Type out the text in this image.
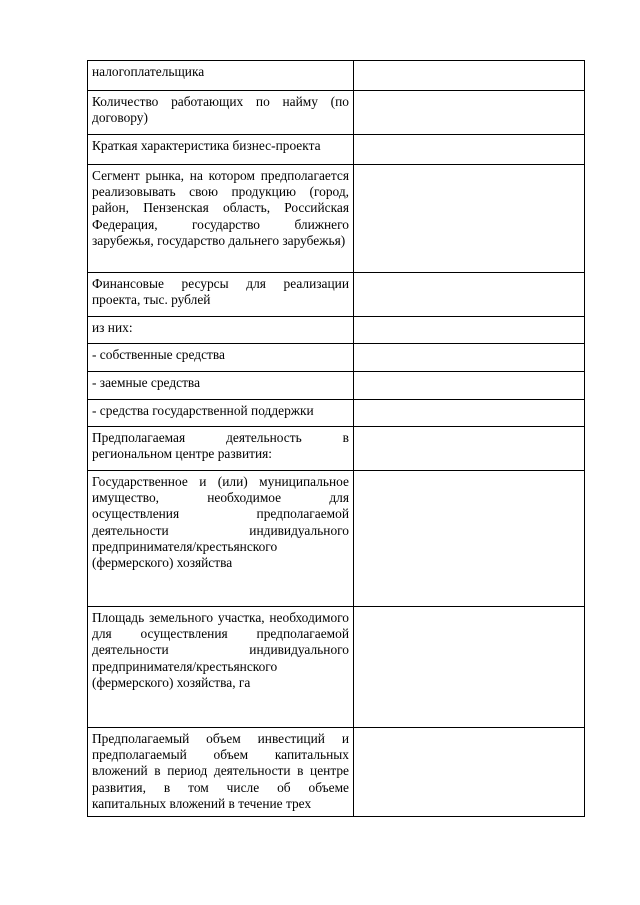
налогоплательщика	
Количество работающих по найму (по договору)	
Краткая характеристика бизнес-проекта	
Сегмент рынка, на котором предполагается реализовывать свою продукцию (город, район, Пензенская область, Российская Федерация, государство ближнего зарубежья, государство дальнего зарубежья)	
Финансовые ресурсы для реализации проекта, тыс. рублей	
из них:	
- собственные средства	
- заемные средства	
- средства государственной поддержки	
Предполагаемая деятельность в региональном центре развития:	
Государственное и (или) муниципальное имущество, необходимое для осуществления предполагаемой деятельности индивидуального предпринимателя/крестьянского (фермерского) хозяйства	
Площадь земельного участка, необходимого для осуществления предполагаемой деятельности индивидуального предпринимателя/крестьянского (фермерского) хозяйства, га	
Предполагаемый объем инвестиций и предполагаемый объем капитальных вложений в период деятельности в центре развития, в том числе об объеме капитальных вложений в течение трех	
